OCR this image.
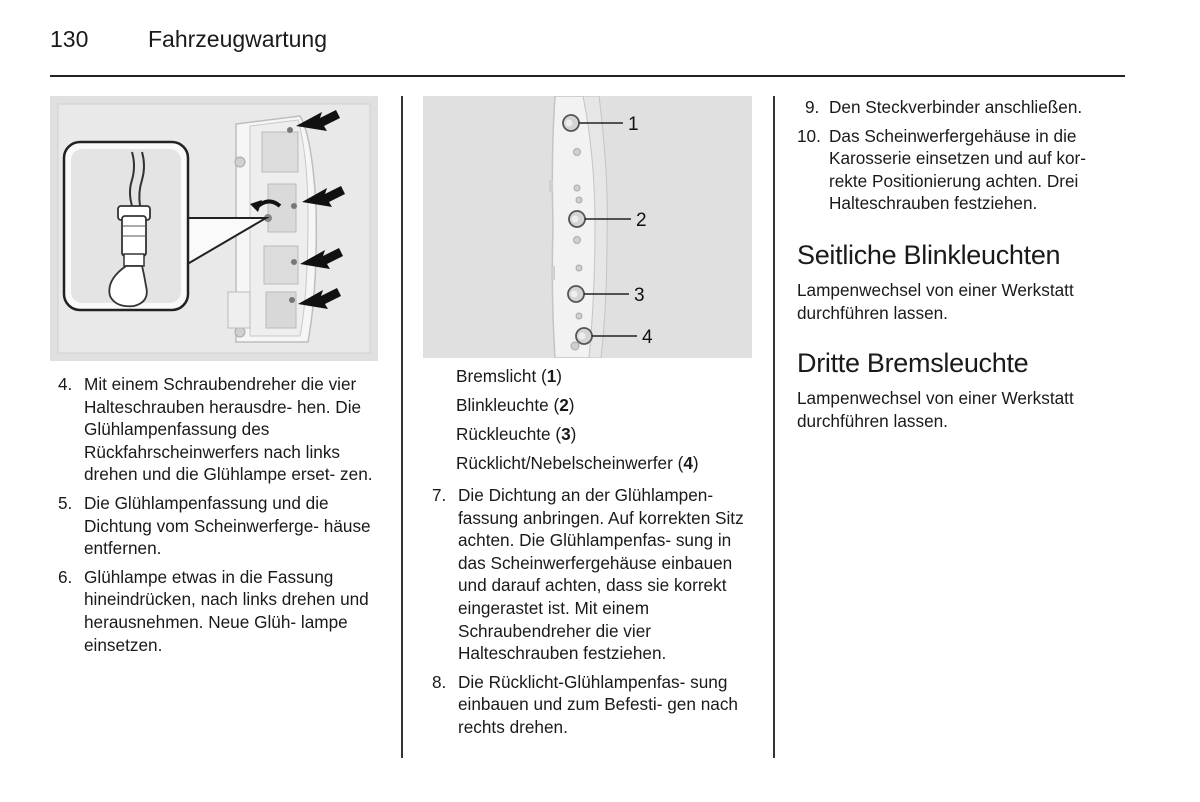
130	Fahrzeugwartung
1
2
3
4
4. Mit einem Schraubendreher die vier Halteschrauben herausdre- hen. Die Glühlampenfassung des Rückfahrscheinwerfers nach links drehen und die Glühlampe erset- zen.
5. Die Glühlampenfassung und die Dichtung vom Scheinwerferge- häuse entfernen.
6. Glühlampe etwas in die Fassung hineindrücken, nach links drehen und herausnehmen. Neue Glüh- lampe einsetzen.
Bremslicht (1)
Blinkleuchte (2)
Rückleuchte (3)
Rücklicht/Nebelscheinwerfer (4)
7. Die Dichtung an der Glühlampen- fassung anbringen. Auf korrekten Sitz achten. Die Glühlampenfas- sung in das Scheinwerfergehäuse einbauen und darauf achten, dass sie korrekt eingerastet ist. Mit einem Schraubendreher die vier Halteschrauben festziehen.
8. Die Rücklicht-Glühlampenfas- sung einbauen und zum Befesti- gen nach rechts drehen.
9. Den Steckverbinder anschließen.
10. Das Scheinwerfergehäuse in die Karosserie einsetzen und auf kor- rekte Positionierung achten. Drei Halteschrauben festziehen.
Seitliche Blinkleuchten
Lampenwechsel von einer Werkstatt durchführen lassen.
Dritte Bremsleuchte
Lampenwechsel von einer Werkstatt durchführen lassen.
